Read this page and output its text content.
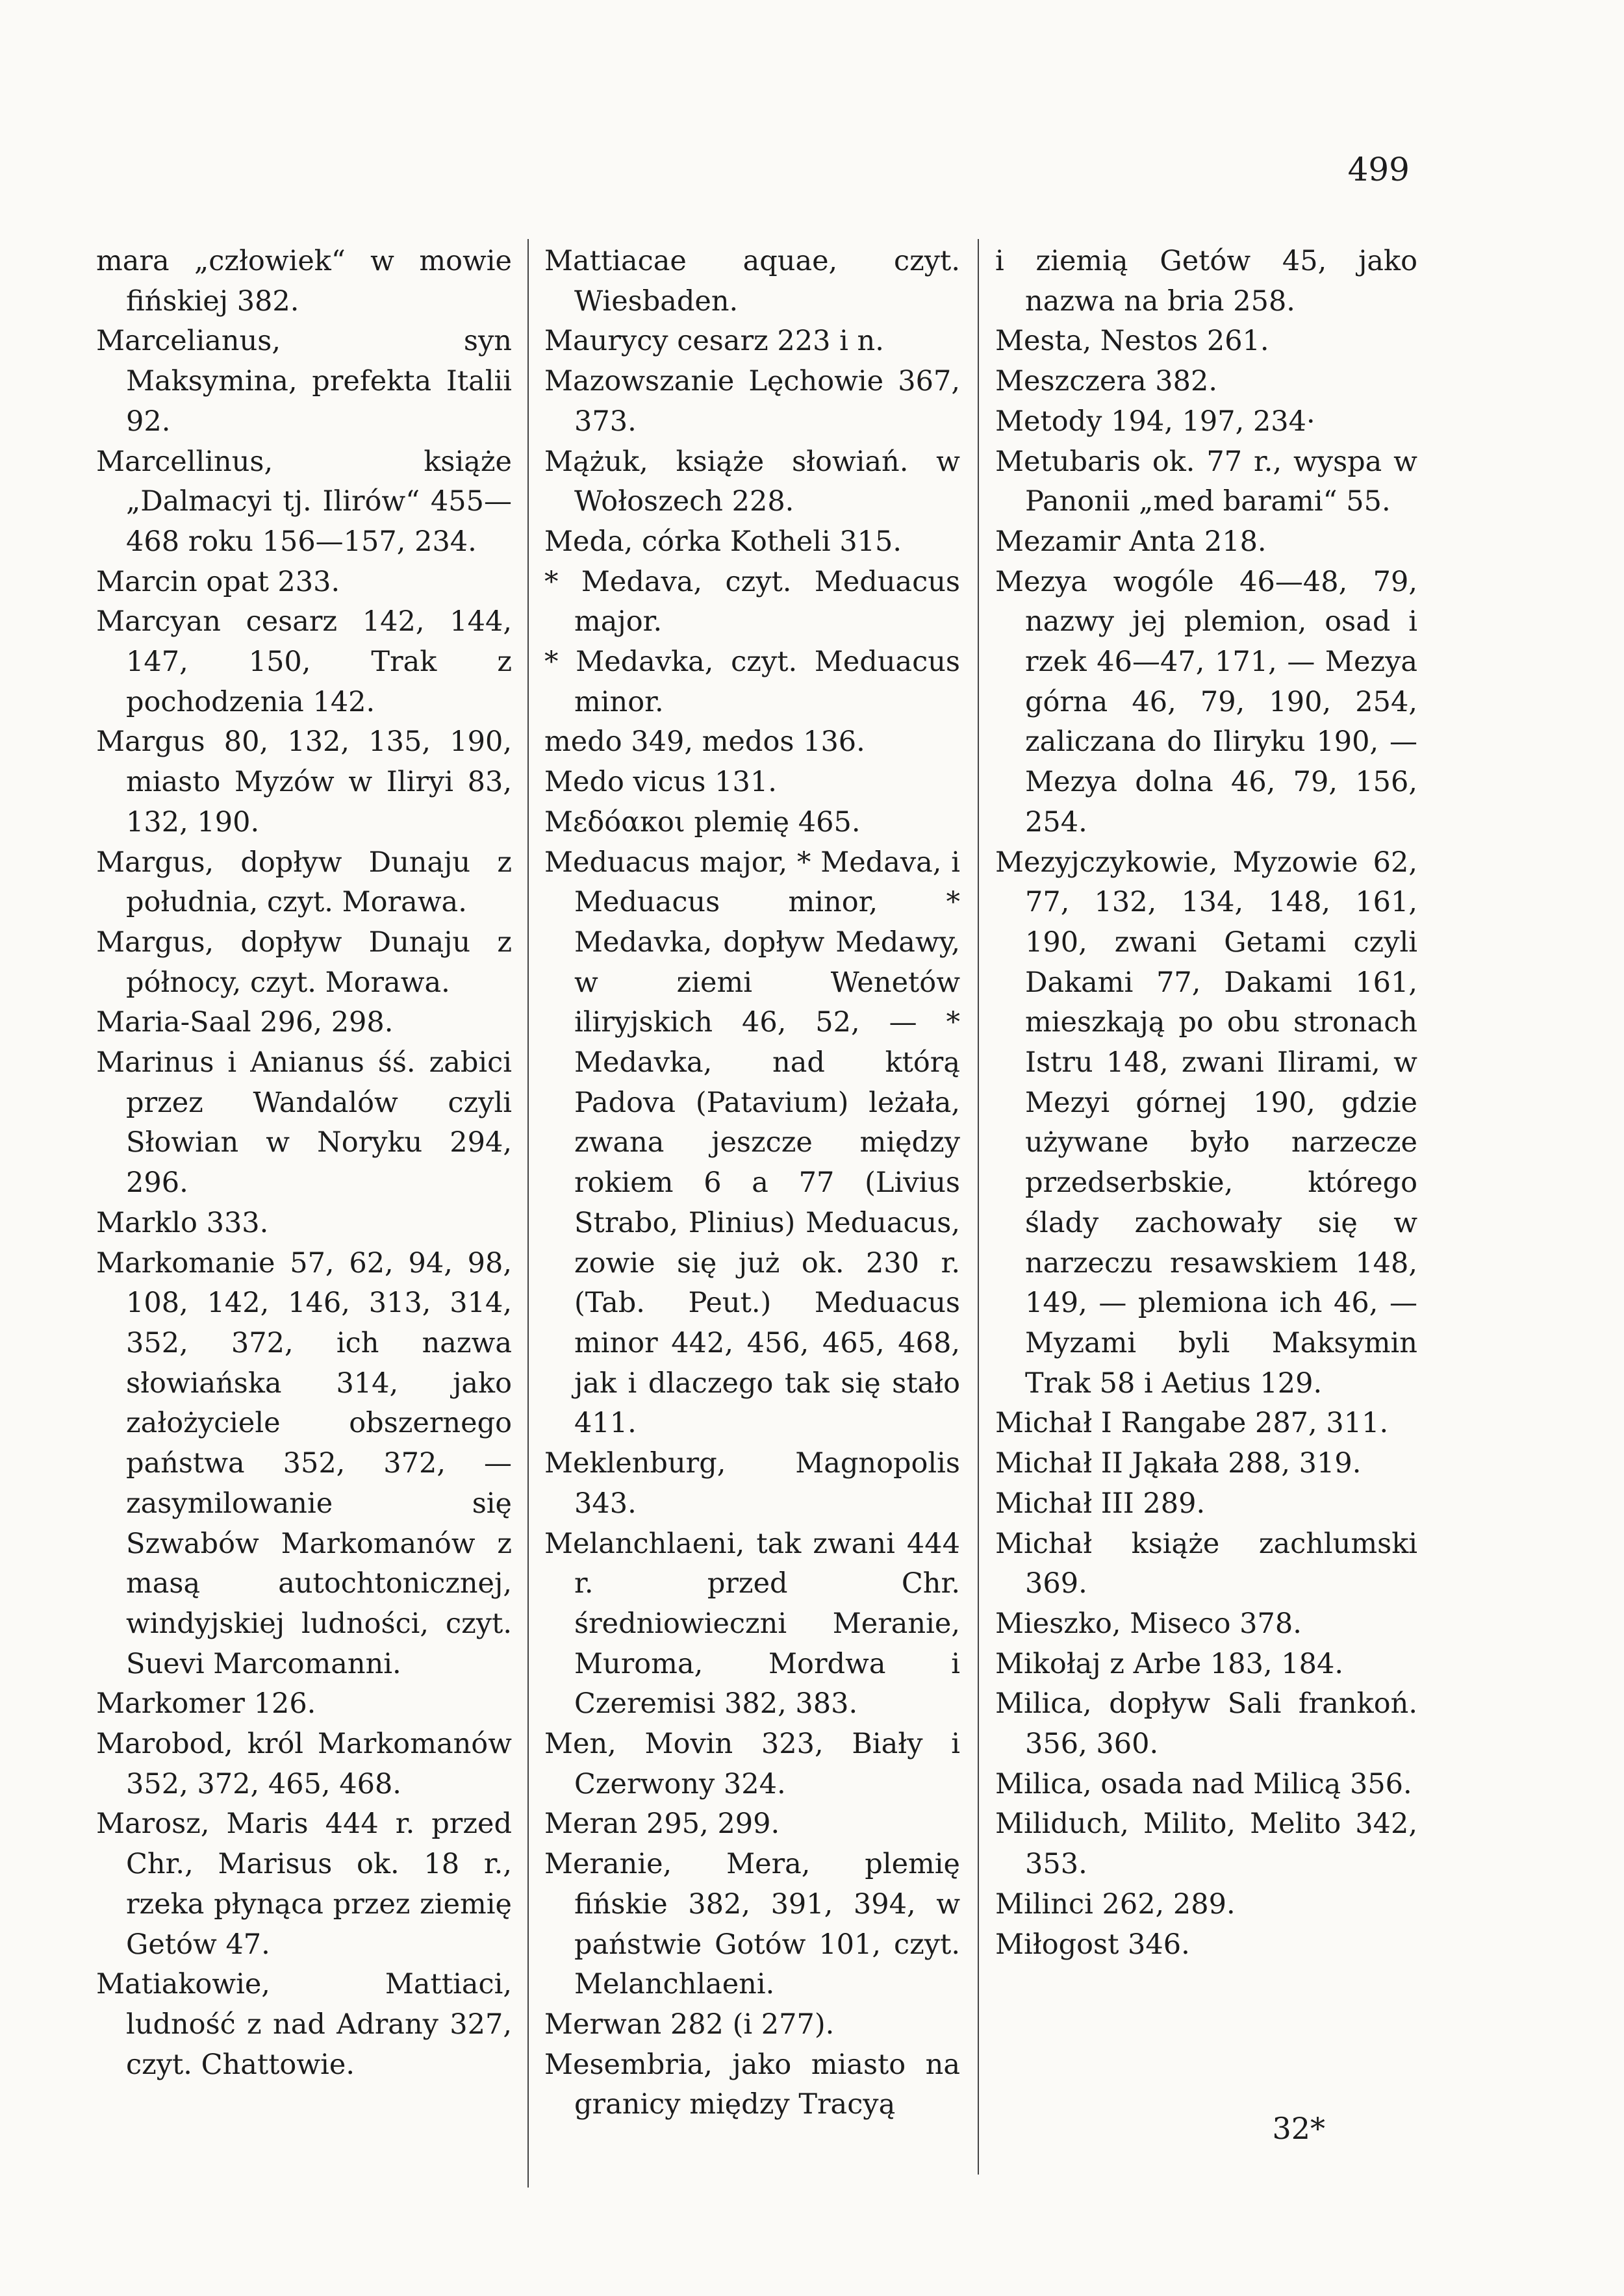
499
mara „człowiek“ w mowie fińskiej 382.
Marcelianus, syn Maksymina, prefekta Italii 92.
Marcellinus, książe „Dalmacyi tj. Ilirów“ 455—468 roku 156—157, 234.
Marcin opat 233.
Marcyan cesarz 142, 144, 147, 150, Trak z pochodzenia 142.
Margus 80, 132, 135, 190, miasto Myzów w Iliryi 83, 132, 190.
Margus, dopływ Dunaju z południa, czyt. Morawa.
Margus, dopływ Dunaju z północy, czyt. Morawa.
Maria-Saal 296, 298.
Marinus i Anianus śś. zabici przez Wandalów czyli Słowian w Noryku 294, 296.
Marklo 333.
Markomanie 57, 62, 94, 98, 108, 142, 146, 313, 314, 352, 372, ich nazwa słowiańska 314, jako założyciele obszernego państwa 352, 372, — zasymilowanie się Szwabów Markomanów z masą autochtonicznej, windyjskiej ludności, czyt. Suevi Marcomanni.
Markomer 126.
Marobod, król Markomanów 352, 372, 465, 468.
Marosz, Maris 444 r. przed Chr., Marisus ok. 18 r., rzeka płynąca przez ziemię Getów 47.
Matiakowie, Mattiaci, ludność z nad Adrany 327, czyt. Chattowie.
Mattiacae aquae, czyt. Wiesbaden.
Maurycy cesarz 223 i n.
Mazowszanie Lęchowie 367, 373.
Mążuk, książe słowiań. w Wołoszech 228.
Meda, córka Kotheli 315.
* Medava, czyt. Meduacus major.
* Medavka, czyt. Meduacus minor.
medo 349, medos 136.
Medo vicus 131.
Μεδόακοι plemię 465.
Meduacus major, * Medava, i Meduacus minor, * Medavka, dopływ Medawy, w ziemi Wenetów iliryjskich 46, 52, — * Medavka, nad którą Padova (Patavium) leżała, zwana jeszcze między rokiem 6 a 77 (Livius Strabo, Plinius) Meduacus, zowie się już ok. 230 r. (Tab. Peut.) Meduacus minor 442, 456, 465, 468, jak i dlaczego tak się stało 411.
Meklenburg, Magnopolis 343.
Melanchlaeni, tak zwani 444 r. przed Chr. średniowieczni Meranie, Muroma, Mordwa i Czeremisi 382, 383.
Men, Movin 323, Biały i Czerwony 324.
Meran 295, 299.
Meranie, Mera, plemię fińskie 382, 391, 394, w państwie Gotów 101, czyt. Melanchlaeni.
Merwan 282 (i 277).
Mesembria, jako miasto na granicy między Tracyą
i ziemią Getów 45, jako nazwa na bria 258.
Mesta, Nestos 261.
Meszczera 382.
Metody 194, 197, 234·
Metubaris ok. 77 r., wyspa w Panonii „med barami“ 55.
Mezamir Anta 218.
Mezya wogóle 46—48, 79, nazwy jej plemion, osad i rzek 46—47, 171, — Mezya górna 46, 79, 190, 254, zaliczana do Iliryku 190, — Mezya dolna 46, 79, 156, 254.
Mezyjczykowie, Myzowie 62, 77, 132, 134, 148, 161, 190, zwani Getami czyli Dakami 77, Dakami 161, mieszkają po obu stronach Istru 148, zwani Ilirami, w Mezyi górnej 190, gdzie używane było narzecze przedserbskie, którego ślady zachowały się w narzeczu resawskiem 148, 149, — plemiona ich 46, — Myzami byli Maksymin Trak 58 i Aetius 129.
Michał I Rangabe 287, 311.
Michał II Jąkała 288, 319.
Michał III 289.
Michał książe zachlumski 369.
Mieszko, Miseco 378.
Mikołaj z Arbe 183, 184.
Milica, dopływ Sali frankoń. 356, 360.
Milica, osada nad Milicą 356.
Miliduch, Milito, Melito 342, 353.
Milinci 262, 289.
Miłogost 346.
32*
